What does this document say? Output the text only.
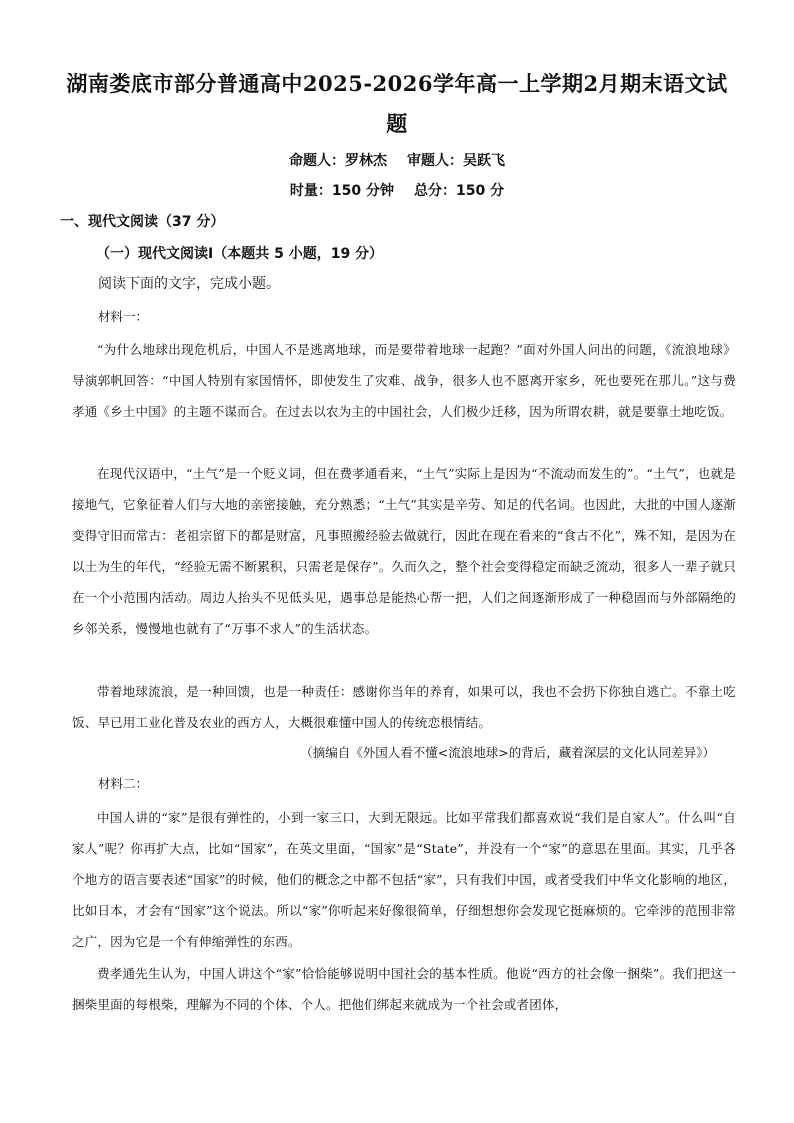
湖南娄底市部分普通高中2025-2026学年高一上学期2月期末语文试
题
命题人：罗林杰 审题人：吴跃飞
时量：150 分钟 总分：150 分
一、现代文阅读（37 分）
（一）现代文阅读Ⅰ（本题共 5 小题，19 分）
阅读下面的文字，完成小题。
材料一：

“为什么地球出现危机后，中国人不是逃离地球，而是要带着地球一起跑？”面对外国人问出的问题，《流浪地球》导演郭帆回答：“中国人特别有家国情怀，即使发生了灾难、战争，很多人也不愿离开家乡，死也要死在那儿。”这与费孝通《乡土中国》的主题不谋而合。在过去以农为主的中国社会，人们极少迁移，因为所谓农耕，就是要靠土地吃饭。

在现代汉语中，“土气”是一个贬义词，但在费孝通看来，“土气”实际上是因为“不流动而发生的”。“土气”，也就是接地气，它象征着人们与大地的亲密接触，充分熟悉；“土气”其实是辛劳、知足的代名词。也因此，大批的中国人逐渐变得守旧而常古：老祖宗留下的都是财富，凡事照搬经验去做就行，因此在现在看来的“食古不化”，殊不知，是因为在以土为生的年代，“经验无需不断累积，只需老是保存”。久而久之，整个社会变得稳定而缺乏流动，很多人一辈子就只在一个小范围内活动。周边人抬头不见低头见，遇事总是能热心帮一把，人们之间逐渐形成了一种稳固而与外部隔绝的乡邻关系，慢慢地也就有了“万事不求人”的生活状态。

带着地球流浪，是一种回馈，也是一种责任：感谢你当年的养育，如果可以，我也不会扔下你独自逃亡。不靠土吃饭、早已用工业化普及农业的西方人，大概很难懂中国人的传统恋根情结。

（摘编自《外国人看不懂<流浪地球>的背后，藏着深层的文化认同差异》）
材料二：

中国人讲的“家”是很有弹性的，小到一家三口，大到无限远。比如平常我们都喜欢说“我们是自家人”。什么叫“自家人”呢？你再扩大点，比如“国家”，在英文里面，“国家”是“State”，并没有一个“家”的意思在里面。其实，几乎各个地方的语言要表述“国家”的时候，他们的概念之中都不包括“家”，只有我们中国，或者受我们中华文化影响的地区，比如日本，才会有“国家”这个说法。所以“家”你听起来好像很简单，仔细想想你会发现它挺麻烦的。它牵涉的范围非常之广，因为它是一个有伸缩弹性的东西。

费孝通先生认为，中国人讲这个“家”恰恰能够说明中国社会的基本性质。他说“西方的社会像一捆柴”。我们把这一捆柴里面的每根柴，理解为不同的个体、个人。把他们绑起来就成为一个社会或者团体，
